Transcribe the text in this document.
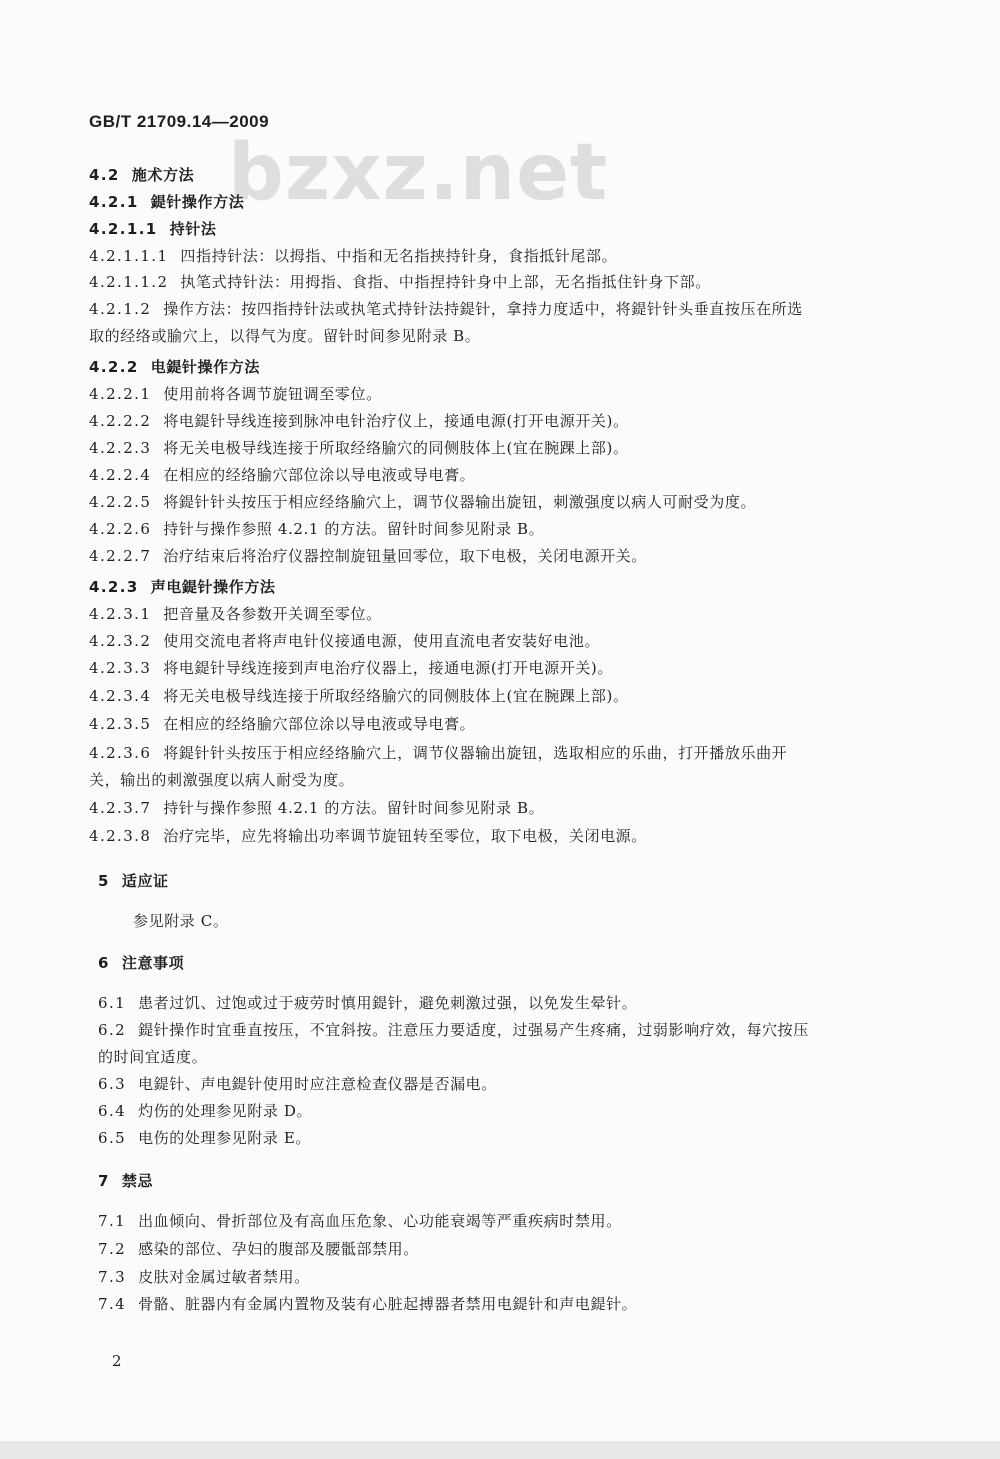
GB/T 21709.14—2009
bzxz.net
4.2 施术方法
4.2.1 鍉针操作方法
4.2.1.1 持针法
4.2.1.1.1 四指持针法：以拇指、中指和无名指挟持针身，食指抵针尾部。
4.2.1.1.2 执笔式持针法：用拇指、食指、中指捏持针身中上部，无名指抵住针身下部。
4.2.1.2 操作方法：按四指持针法或执笔式持针法持鍉针，拿持力度适中，将鍉针针头垂直按压在所选
取的经络或腧穴上，以得气为度。留针时间参见附录 B。
4.2.2 电鍉针操作方法
4.2.2.1 使用前将各调节旋钮调至零位。
4.2.2.2 将电鍉针导线连接到脉冲电针治疗仪上，接通电源(打开电源开关)。
4.2.2.3 将无关电极导线连接于所取经络腧穴的同侧肢体上(宜在腕踝上部)。
4.2.2.4 在相应的经络腧穴部位涂以导电液或导电膏。
4.2.2.5 将鍉针针头按压于相应经络腧穴上，调节仪器输出旋钮，刺激强度以病人可耐受为度。
4.2.2.6 持针与操作参照 4.2.1 的方法。留针时间参见附录 B。
4.2.2.7 治疗结束后将治疗仪器控制旋钮量回零位，取下电极，关闭电源开关。
4.2.3 声电鍉针操作方法
4.2.3.1 把音量及各参数开关调至零位。
4.2.3.2 使用交流电者将声电针仪接通电源，使用直流电者安装好电池。
4.2.3.3 将电鍉针导线连接到声电治疗仪器上，接通电源(打开电源开关)。
4.2.3.4 将无关电极导线连接于所取经络腧穴的同侧肢体上(宜在腕踝上部)。
4.2.3.5 在相应的经络腧穴部位涂以导电液或导电膏。
4.2.3.6 将鍉针针头按压于相应经络腧穴上，调节仪器输出旋钮，选取相应的乐曲，打开播放乐曲开
关，输出的刺激强度以病人耐受为度。
4.2.3.7 持针与操作参照 4.2.1 的方法。留针时间参见附录 B。
4.2.3.8 治疗完毕，应先将输出功率调节旋钮转至零位，取下电极，关闭电源。
5 适应证
参见附录 C。
6 注意事项
6.1 患者过饥、过饱或过于疲劳时慎用鍉针，避免刺激过强，以免发生晕针。
6.2 鍉针操作时宜垂直按压，不宜斜按。注意压力要适度，过强易产生疼痛，过弱影响疗效，每穴按压
的时间宜适度。
6.3 电鍉针、声电鍉针使用时应注意检查仪器是否漏电。
6.4 灼伤的处理参见附录 D。
6.5 电伤的处理参见附录 E。
7 禁忌
7.1 出血倾向、骨折部位及有高血压危象、心功能衰竭等严重疾病时禁用。
7.2 感染的部位、孕妇的腹部及腰骶部禁用。
7.3 皮肤对金属过敏者禁用。
7.4 骨骼、脏器内有金属内置物及装有心脏起搏器者禁用电鍉针和声电鍉针。
2
